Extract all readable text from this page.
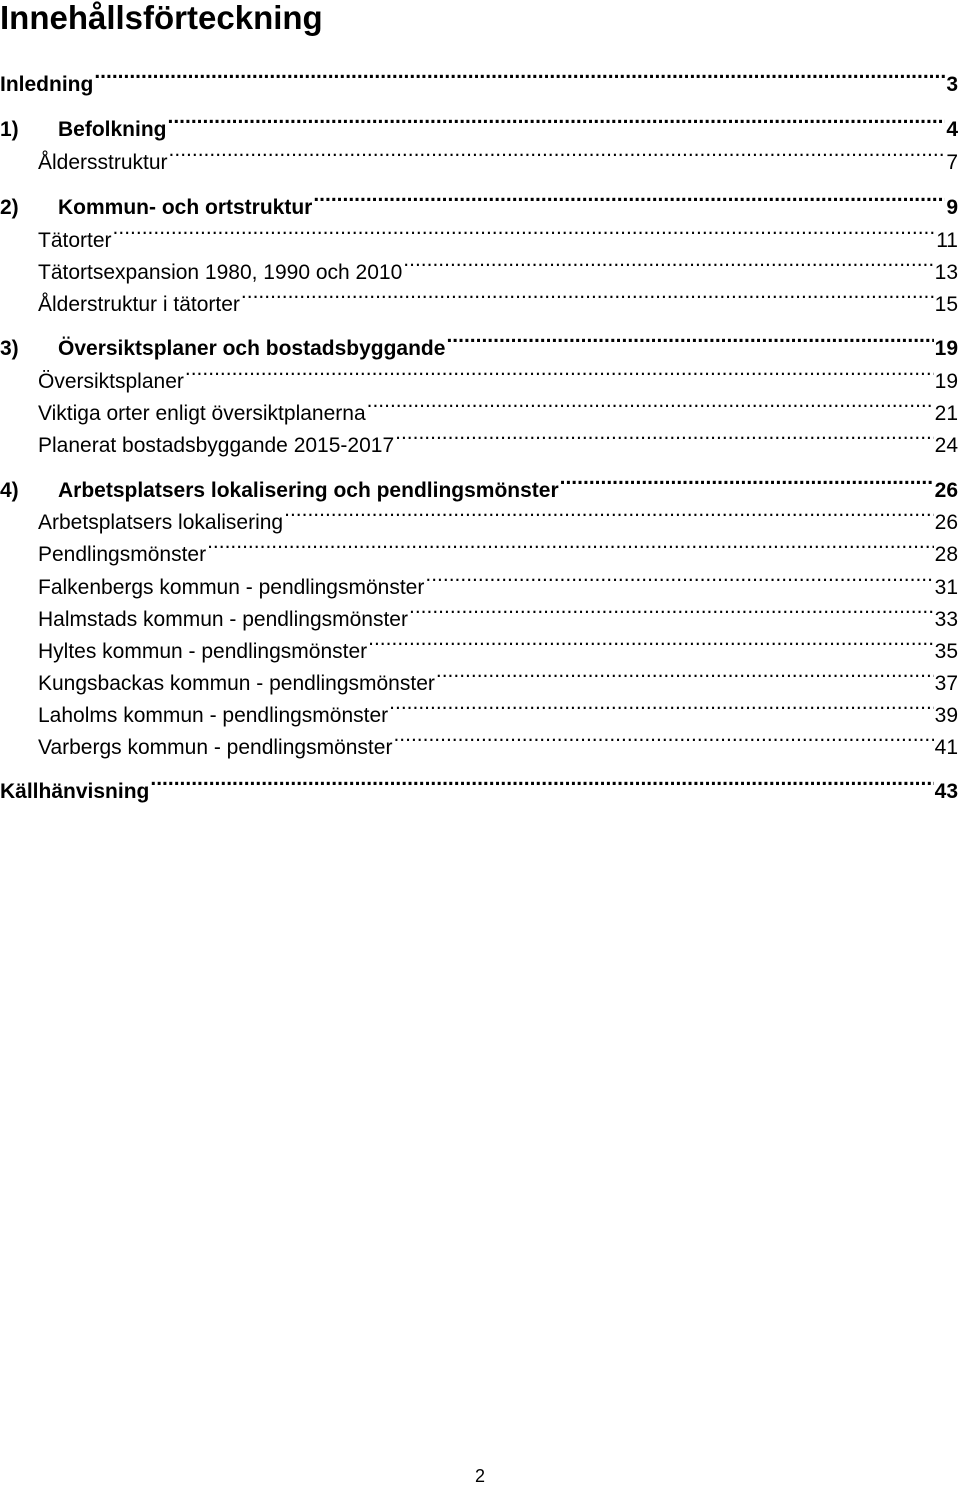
Innehållsförteckning
Inledning .....	3
1)	Befolkning .....	4
Åldersstruktur .....	7
2)	Kommun- och ortstruktur .....	9
Tätorter .....	11
Tätortsexpansion 1980, 1990 och 2010 .....	13
Ålderstruktur i tätorter .....	15
3)	Översiktsplaner och bostadsbyggande .....	19
Översiktsplaner .....	19
Viktiga orter enligt översiktplanerna .....	21
Planerat bostadsbyggande 2015-2017 .....	24
4)	Arbetsplatsers lokalisering och pendlingsmönster .....	26
Arbetsplatsers lokalisering .....	26
Pendlingsmönster .....	28
Falkenbergs kommun - pendlingsmönster .....	31
Halmstads kommun - pendlingsmönster .....	33
Hyltes kommun - pendlingsmönster .....	35
Kungsbackas kommun - pendlingsmönster .....	37
Laholms kommun - pendlingsmönster .....	39
Varbergs kommun - pendlingsmönster .....	41
Källhänvisning .....	43
2
